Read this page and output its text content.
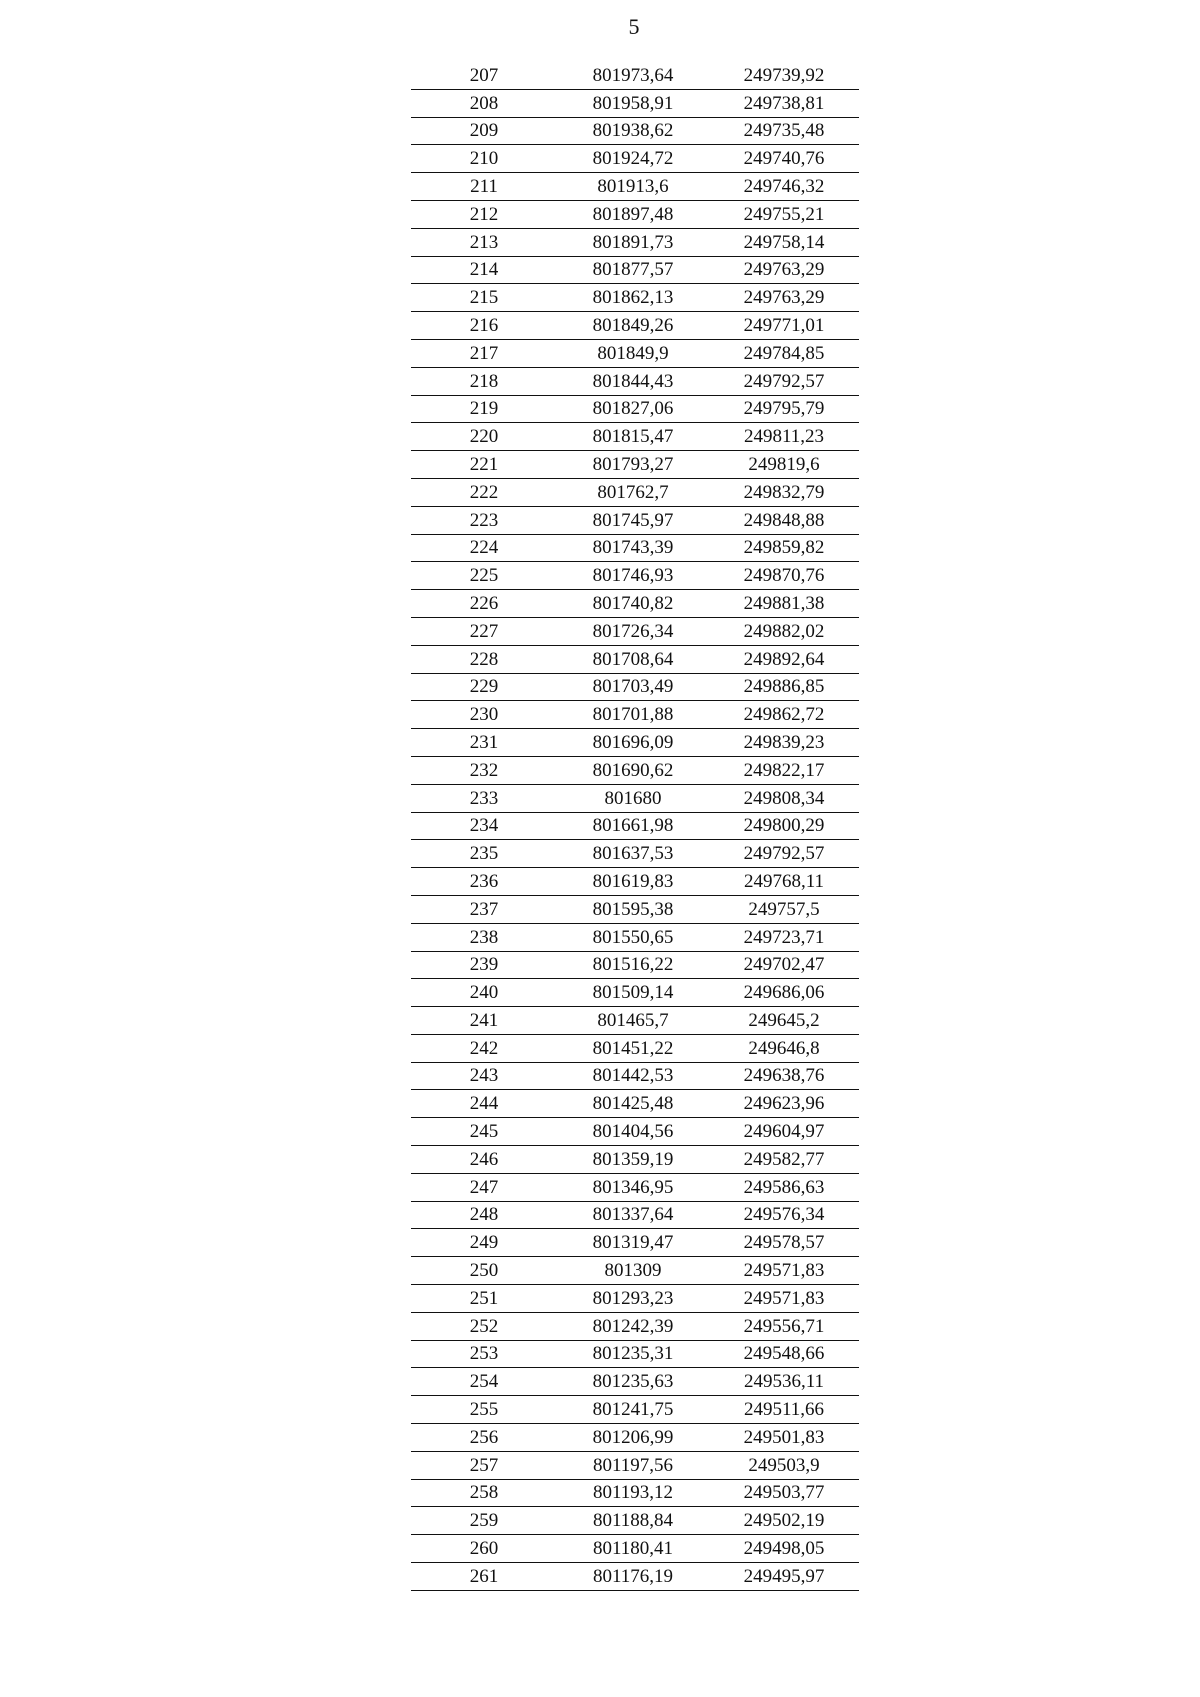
5
207	801973,64	249739,92
208	801958,91	249738,81
209	801938,62	249735,48
210	801924,72	249740,76
211	801913,6	249746,32
212	801897,48	249755,21
213	801891,73	249758,14
214	801877,57	249763,29
215	801862,13	249763,29
216	801849,26	249771,01
217	801849,9	249784,85
218	801844,43	249792,57
219	801827,06	249795,79
220	801815,47	249811,23
221	801793,27	249819,6
222	801762,7	249832,79
223	801745,97	249848,88
224	801743,39	249859,82
225	801746,93	249870,76
226	801740,82	249881,38
227	801726,34	249882,02
228	801708,64	249892,64
229	801703,49	249886,85
230	801701,88	249862,72
231	801696,09	249839,23
232	801690,62	249822,17
233	801680	249808,34
234	801661,98	249800,29
235	801637,53	249792,57
236	801619,83	249768,11
237	801595,38	249757,5
238	801550,65	249723,71
239	801516,22	249702,47
240	801509,14	249686,06
241	801465,7	249645,2
242	801451,22	249646,8
243	801442,53	249638,76
244	801425,48	249623,96
245	801404,56	249604,97
246	801359,19	249582,77
247	801346,95	249586,63
248	801337,64	249576,34
249	801319,47	249578,57
250	801309	249571,83
251	801293,23	249571,83
252	801242,39	249556,71
253	801235,31	249548,66
254	801235,63	249536,11
255	801241,75	249511,66
256	801206,99	249501,83
257	801197,56	249503,9
258	801193,12	249503,77
259	801188,84	249502,19
260	801180,41	249498,05
261	801176,19	249495,97
